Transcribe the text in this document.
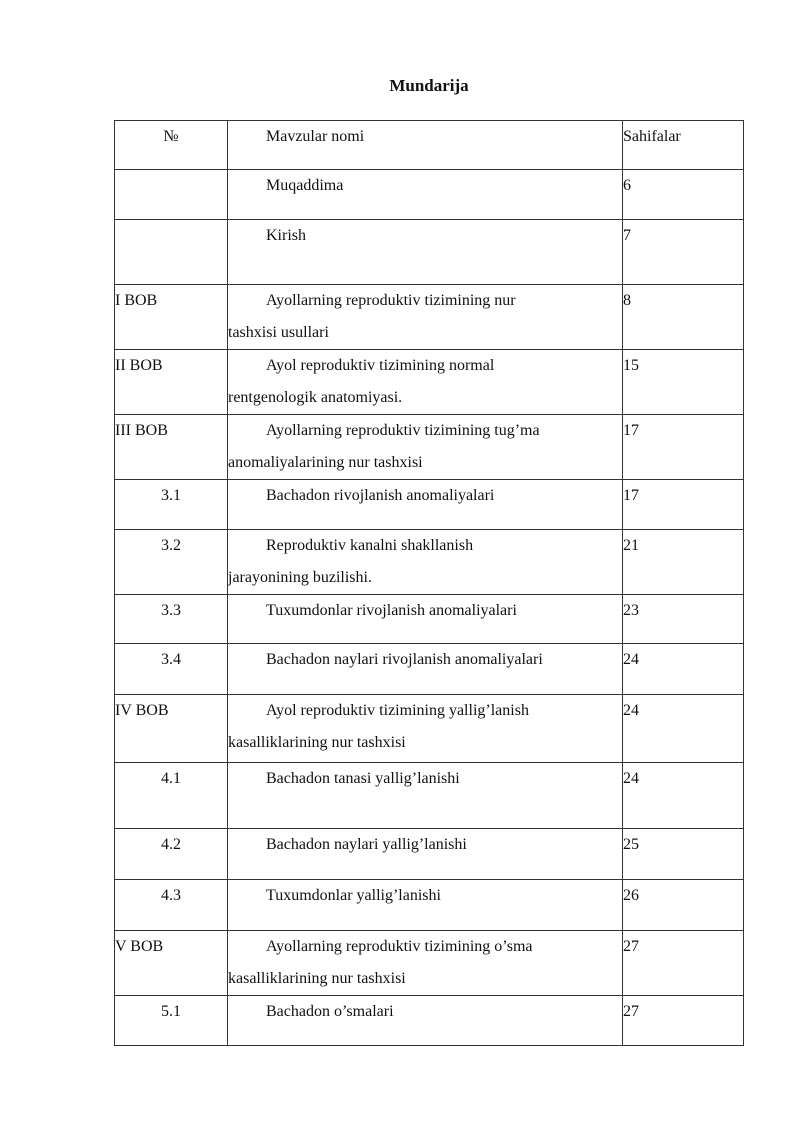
Mundarija
№	Mavzular nomi	Sahifalar

	Muqaddima	6

	Kirish	7

I BOB	Ayollarning reproduktiv tizimining nur
tashxisi usullari	8

II BOB	Ayol reproduktiv tizimining normal
rentgenologik anatomiyasi.	15

III BOB	Ayollarning reproduktiv tizimining tug’ma
anomaliyalarining nur tashxisi	17

3.1	Bachadon rivojlanish anomaliyalari	17

3.2	Reproduktiv kanalni shakllanish
jarayonining buzilishi.	21

3.3	Tuxumdonlar rivojlanish anomaliyalari	23

3.4	Bachadon naylari rivojlanish anomaliyalari	24

IV BOB	Ayol reproduktiv tizimining yallig’lanish
kasalliklarining nur tashxisi	24

4.1	Bachadon tanasi yallig’lanishi	24

4.2	Bachadon naylari yallig’lanishi	25

4.3	Tuxumdonlar yallig’lanishi	26

V BOB	Ayollarning reproduktiv tizimining o’sma
kasalliklarining nur tashxisi	27

5.1	Bachadon o’smalari	27
